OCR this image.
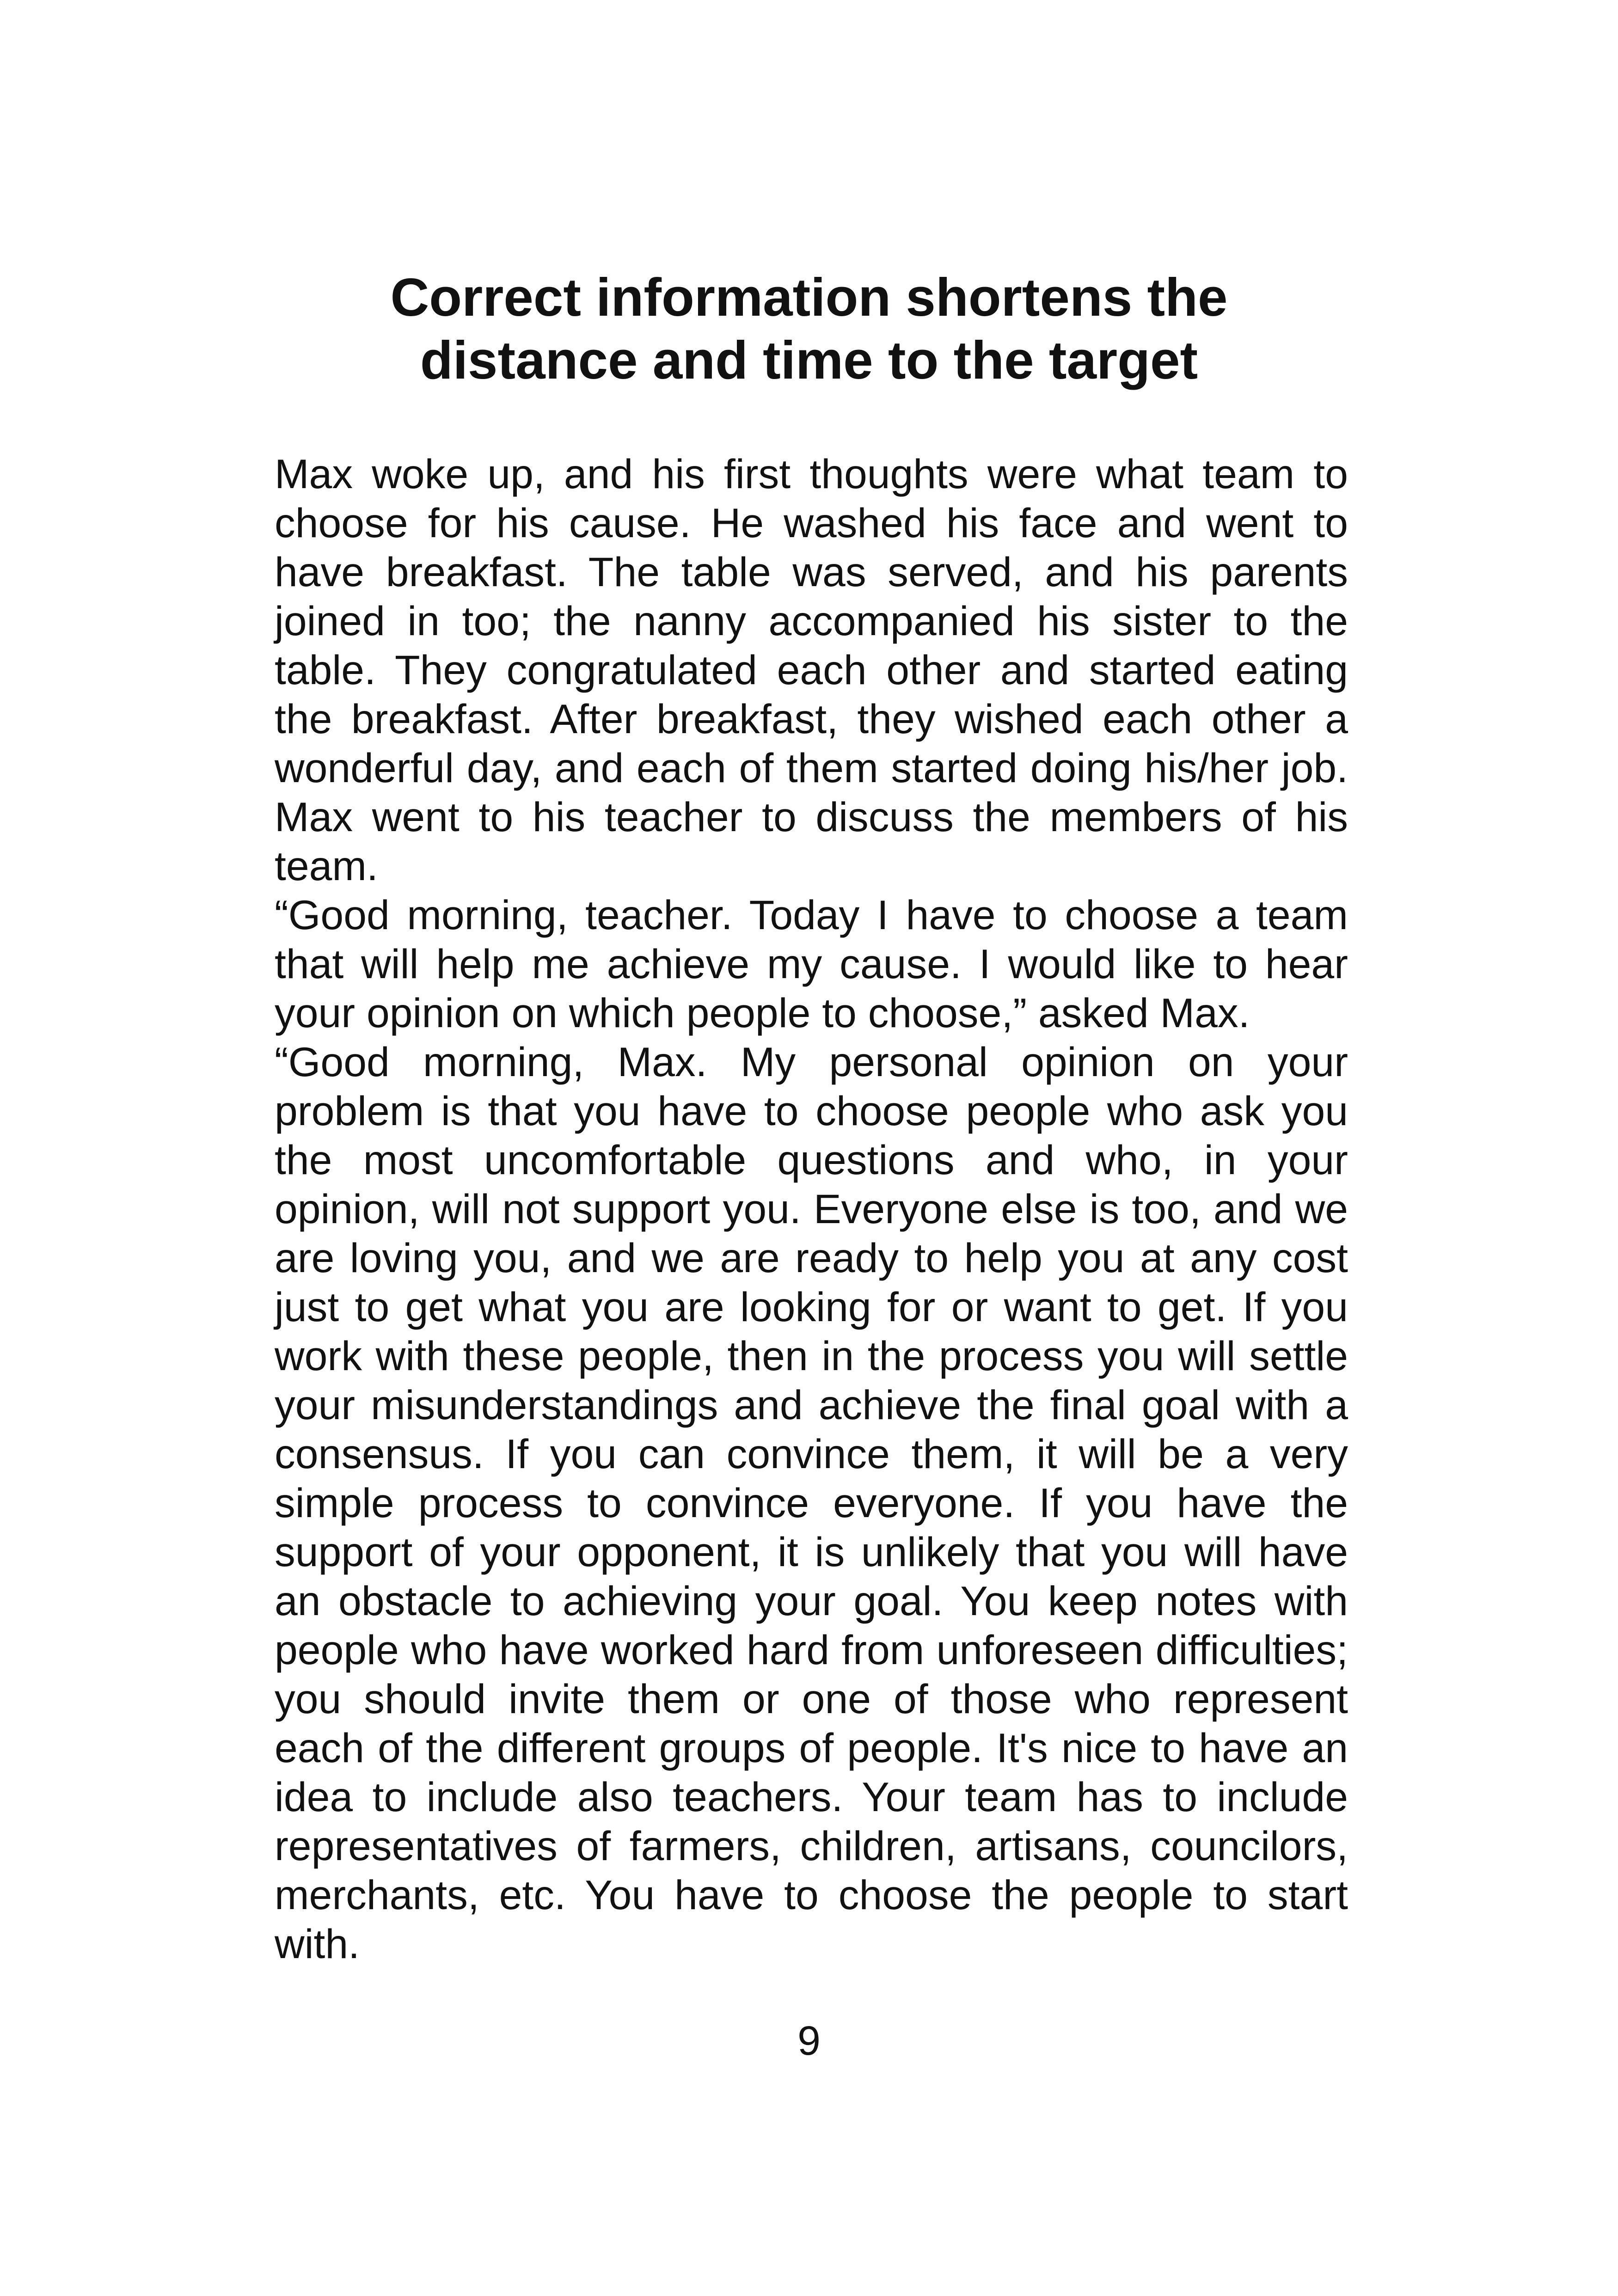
Correct information shortens the
distance and time to the target

Max woke up, and his first thoughts were what team to choose for his cause. He washed his face and went to have breakfast. The table was served, and his parents joined in too; the nanny accompanied his sister to the table. They congratulated each other and started eating the breakfast. After breakfast, they wished each other a wonderful day, and each of them started doing his/her job. Max went to his teacher to discuss the members of his team.

“Good morning, teacher. Today I have to choose a team that will help me achieve my cause. I would like to hear your opinion on which people to choose,” asked Max.

“Good morning, Max. My personal opinion on your problem is that you have to choose people who ask you the most uncomfortable questions and who, in your opinion, will not support you. Everyone else is too, and we are loving you, and we are ready to help you at any cost just to get what you are looking for or want to get. If you work with these people, then in the process you will settle your misunderstandings and achieve the final goal with a consensus. If you can convince them, it will be a very simple process to convince everyone. If you have the support of your opponent, it is unlikely that you will have an obstacle to achieving your goal. You keep notes with people who have worked hard from unforeseen difficulties; you should invite them or one of those who represent each of the different groups of people. It's nice to have an idea to include also teachers. Your team has to include representatives of farmers, children, artisans, councilors, merchants, etc. You have to choose the people to start with.

9
